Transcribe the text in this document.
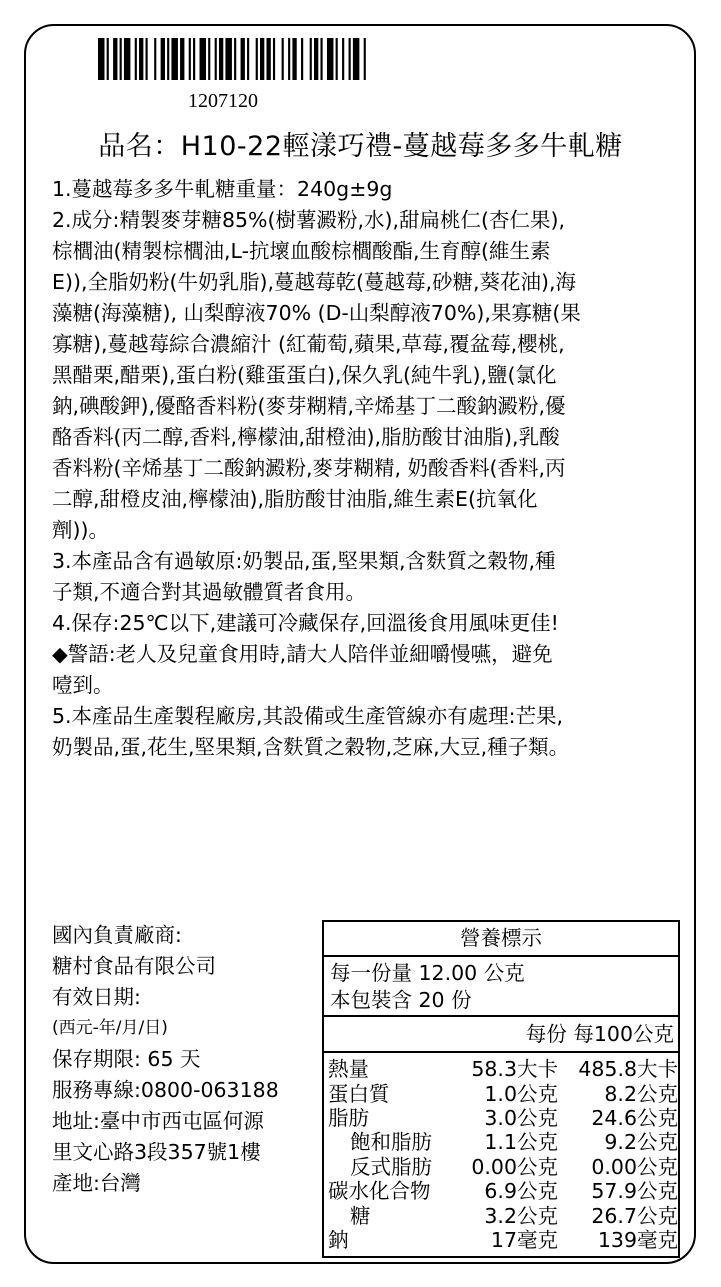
1207120
品名：H10-22輕漾巧禮-蔓越莓多多牛軋糖

1.蔓越莓多多牛軋糖重量：240g±9g

2.成分:精製麥芽糖85%(樹薯澱粉,水),甜扁桃仁(杏仁果),

棕櫚油(精製棕櫚油,L-抗壞血酸棕櫚酸酯,生育醇(維生素

E)),全脂奶粉(牛奶乳脂),蔓越莓乾(蔓越莓,砂糖,葵花油),海

藻糖(海藻糖), 山梨醇液70% (D-山梨醇液70%),果寡糖(果

寡糖),蔓越莓綜合濃縮汁 (紅葡萄,蘋果,草莓,覆盆莓,櫻桃,

黑醋栗,醋栗),蛋白粉(雞蛋蛋白),保久乳(純牛乳),鹽(氯化

鈉,碘酸鉀),優酪香料粉(麥芽糊精,辛烯基丁二酸鈉澱粉,優

酪香料(丙二醇,香料,檸檬油,甜橙油),脂肪酸甘油脂),乳酸

香料粉(辛烯基丁二酸鈉澱粉,麥芽糊精, 奶酸香料(香料,丙

二醇,甜橙皮油,檸檬油),脂肪酸甘油脂,維生素E(抗氧化

劑))。

3.本產品含有過敏原:奶製品,蛋,堅果類,含麩質之穀物,種

子類,不適合對其過敏體質者食用。

4.保存:25℃以下,建議可冷藏保存,回溫後食用風味更佳!

◆警語:老人及兒童食用時,請大人陪伴並細嚼慢嚥，避免

噎到。

5.本產品生產製程廠房,其設備或生產管線亦有處理:芒果,

奶製品,蛋,花生,堅果類,含麩質之穀物,芝麻,大豆,種子類。

國內負責廠商:

糖村食品有限公司

有效日期:

(西元-年/月/日)

保存期限: 65 天

服務專線:0800-063188

地址:臺中市西屯區何源

里文心路3段357號1樓

產地:台灣

營養標示
每一份量 12.00 公克
本包裝含 20 份
每份 每100公克
熱量	58.3大卡 485.8大卡
蛋白質	1.0公克	8.2公克
脂肪	3.0公克	24.6公克
飽和脂肪	1.1公克	9.2公克
反式脂肪	0.00公克	0.00公克
碳水化合物	6.9公克	57.9公克
糖	3.2公克	26.7公克
鈉	17毫克	139毫克
